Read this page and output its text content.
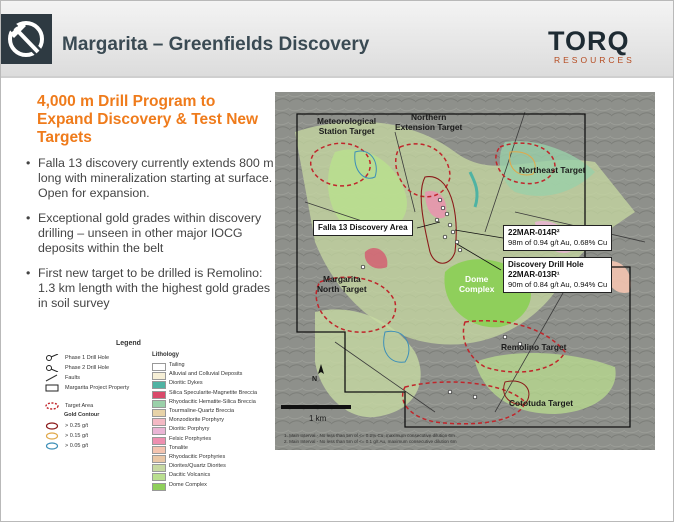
Margarita – Greenfields Discovery	TORQ
RESOURCES
4,000 m Drill Program to Expand Discovery & Test New Targets
• Falla 13 discovery currently extends 800 m long with mineralization starting at surface. Open for expansion.
• Exceptional gold grades within discovery drilling – unseen in other major IOCG deposits within the belt
• First new target to be drilled is Remolino: 1.3 km length with the highest gold grades in soil survey
Legend
Lithology
Phase 1 Drill Hole
Phase 2 Drill Hole
Faults
Margarita Project Property
Target Area
Gold Contour
> 0.25 g/t
> 0.15 g/t
> 0.05 g/t
Tailing
Alluvial and Colluvial Deposits
Dioritic Dykes
Silica Specularite-Magnetite Breccia
Rhyodacitic Hematite-Silica Breccia
Tourmaline-Quartz Breccia
Monzodiorite Porphyry
Dioritic Porphyry
Felsic Porphyries
Tonalite
Rhyodacitic Porphyries
Diorites/Quartz Diorites
Dacitic Volcanics
Dome Complex
Meteorological
Station Target
Northern
Extension Target
Northeast Target
Margarita
North Target
Dome
Complex
Remolino Target
Cototuda Target
N
1 km
Falla 13 Discovery Area
22MAR-014R²
98m of 0.94 g/t Au, 0.68% Cu
Discovery Drill Hole
22MAR-013R¹
90m of 0.84 g/t Au, 0.94% Cu
1. Main Interval - No less than 5m of <= 0.2% Cu, maximum consecutive dilution 6m
2. Main Interval - No less than 5m of <= 0.1 g/t Au, maximum consecutive dilution 6m
